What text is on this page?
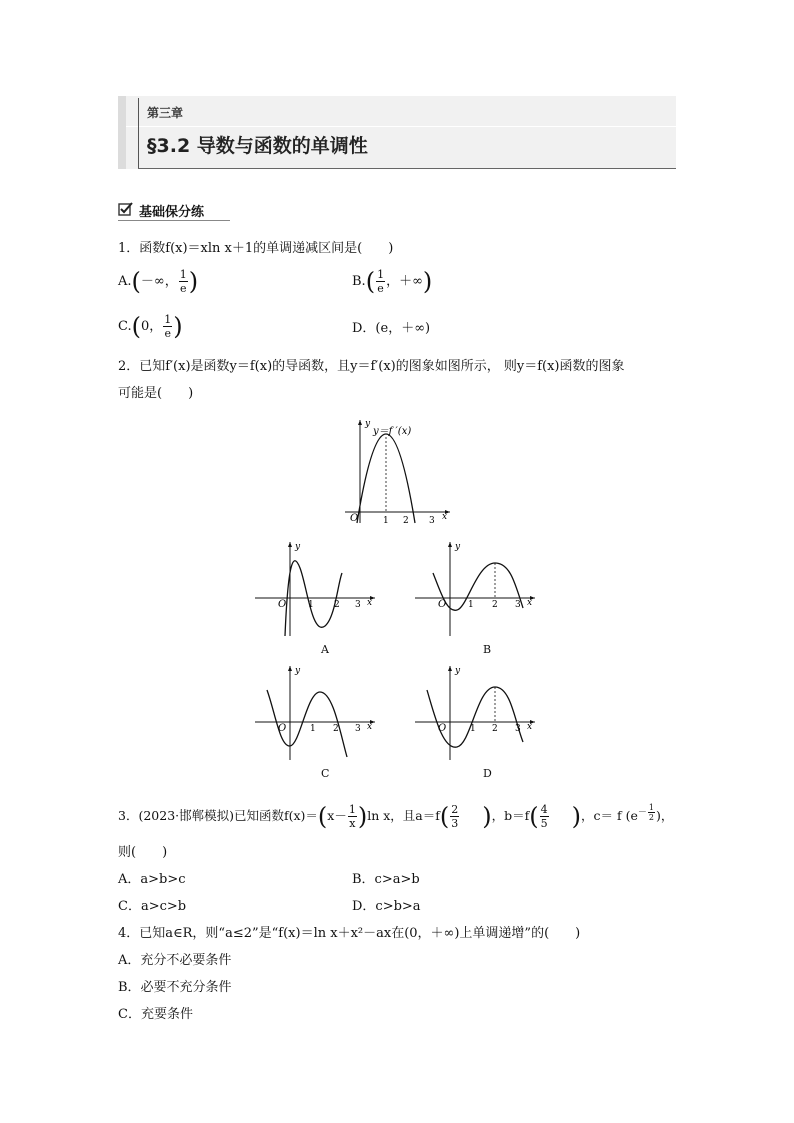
第三章
§3.2 导数与函数的单调性
基础保分练
1．函数f(x)＝xln x＋1的单调递减区间是(　　)
A.(－∞， $\frac{1}{e}$ )	$B.( \frac{1}{e}$ ，＋∞)
C.(0， $\frac{1}{e}$ )	D．(e，＋∞)
2．已知f′(x)是函数y＝f(x)的导函数，且y＝f′(x)的图象如图所示， 则y＝f(x)函数的图象
可能是(　　)
y
y＝f ′(x)
O	1 2 3 x
y
O 1 2 3 x
A
y
O 1 2 3 x
B
y
O	1 2 3 x
C
y
O	1 2 3 x
D
3．(2023·邯郸模拟)已知函数$f(x)=(x- \frac{1}{x} )\ln$ x，且$a=f( \frac{2}{3}$ )，$b=f( \frac{4}{5}$ )，c＝ f ($e^{- \frac{1}{2}}$ )，
则(　　)
A．a>b>c	B．c>a>b
C．a>c>b	D．c>b>a
4．已知a∈R，则“a≤2”是“f(x)＝ln x＋x²－ax在(0，＋∞)上单调递增”的(　　)
A．充分不必要条件
B．必要不充分条件
C．充要条件
